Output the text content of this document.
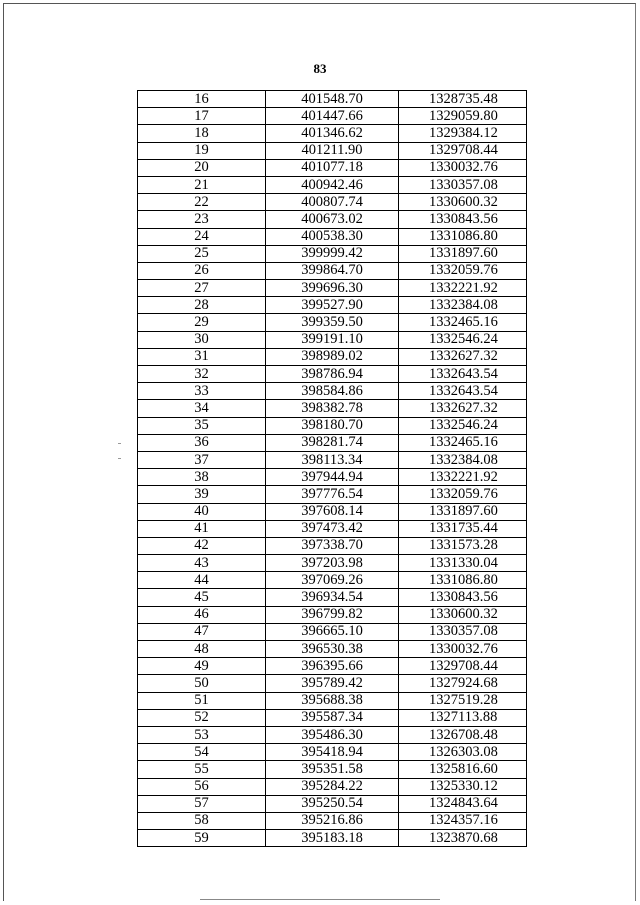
83
16	401548.70	1328735.48
17	401447.66	1329059.80
18	401346.62	1329384.12
19	401211.90	1329708.44
20	401077.18	1330032.76
21	400942.46	1330357.08
22	400807.74	1330600.32
23	400673.02	1330843.56
24	400538.30	1331086.80
25	399999.42	1331897.60
26	399864.70	1332059.76
27	399696.30	1332221.92
28	399527.90	1332384.08
29	399359.50	1332465.16
30	399191.10	1332546.24
31	398989.02	1332627.32
32	398786.94	1332643.54
33	398584.86	1332643.54
34	398382.78	1332627.32
35	398180.70	1332546.24
36	398281.74	1332465.16
37	398113.34	1332384.08
38	397944.94	1332221.92
39	397776.54	1332059.76
40	397608.14	1331897.60
41	397473.42	1331735.44
42	397338.70	1331573.28
43	397203.98	1331330.04
44	397069.26	1331086.80
45	396934.54	1330843.56
46	396799.82	1330600.32
47	396665.10	1330357.08
48	396530.38	1330032.76
49	396395.66	1329708.44
50	395789.42	1327924.68
51	395688.38	1327519.28
52	395587.34	1327113.88
53	395486.30	1326708.48
54	395418.94	1326303.08
55	395351.58	1325816.60
56	395284.22	1325330.12
57	395250.54	1324843.64
58	395216.86	1324357.16
59	395183.18	1323870.68
